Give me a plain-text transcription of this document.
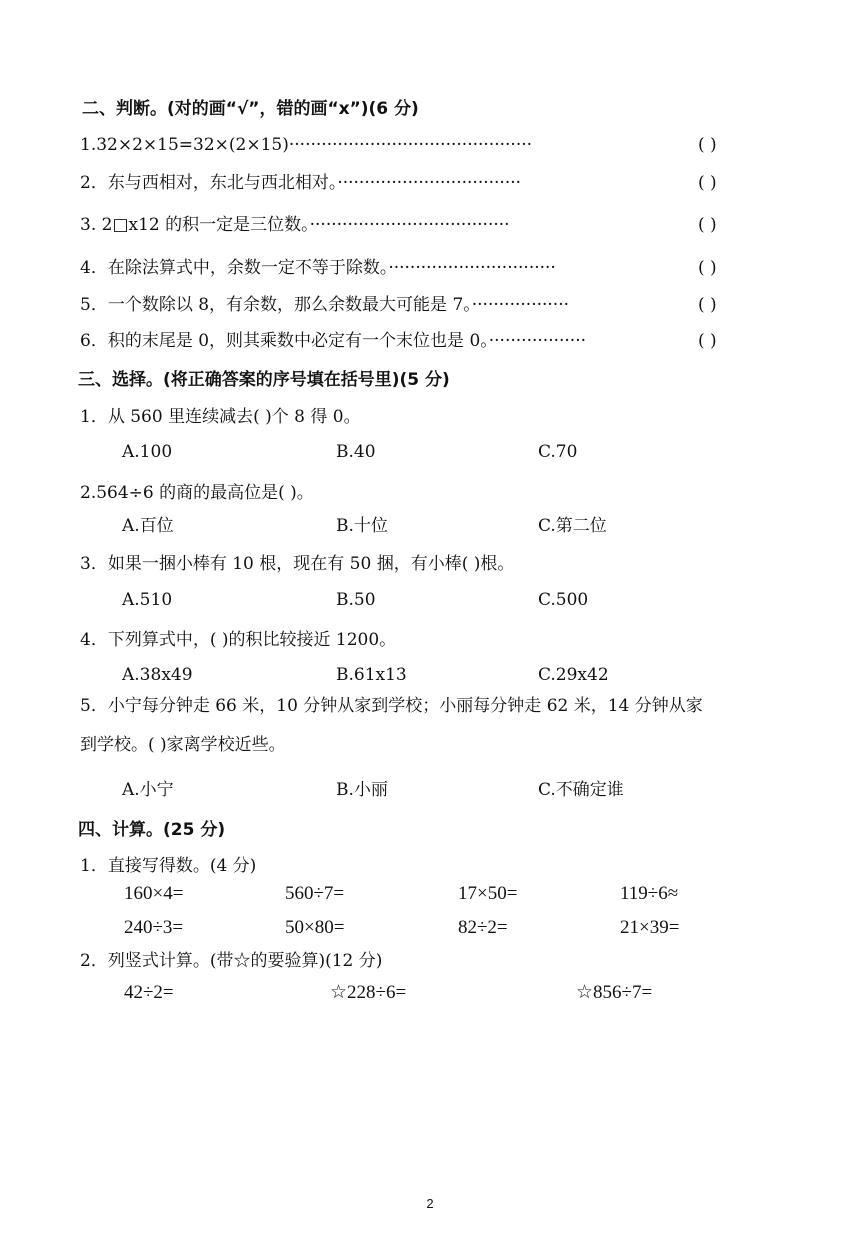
二、判断。(对的画“√”，错的画“x”)(6 分)
1.32×2×15=32×(2×15)·············································	( )
2．东与西相对，东北与西北相对。··································	( )
3. 2□x12 的积一定是三位数。·····································	( )
4．在除法算式中，余数一定不等于除数。·······························	( )
5．一个数除以 8，有余数，那么余数最大可能是 7。··················	( )
6．积的末尾是 0，则其乘数中必定有一个末位也是 0。··················	( )
三、选择。(将正确答案的序号填在括号里)(5 分)
1．从 560 里连续减去( )个 8 得 0。
A.100	B.40	C.70
2.564÷6 的商的最高位是( )。
A.百位	B.十位	C.第二位
3．如果一捆小棒有 10 根，现在有 50 捆，有小棒( )根。
A.510	B.50	C.500
4．下列算式中，( )的积比较接近 1200。
A.38x49	B.61x13	C.29x42
5．小宁每分钟走 66 米，10 分钟从家到学校；小丽每分钟走 62 米，14 分钟从家
到学校。( )家离学校近些。
A.小宁	B.小丽	C.不确定谁
四、计算。(25 分)
1．直接写得数。(4 分)
160×4=	560÷7=	17×50=	119÷6≈
240÷3=	50×80=	82÷2=	21×39=
2．列竖式计算。(带☆的要验算)(12 分)
42÷2=	☆228÷6=	☆856÷7=
2
